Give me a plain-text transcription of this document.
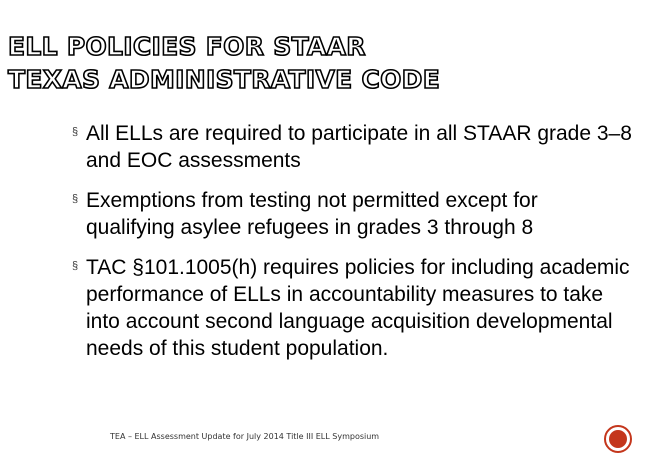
ELL POLICIES FOR STAAR
TEXAS ADMINISTRATIVE CODE
§ All ELLs are required to participate in all STAAR grade 3–8 and EOC assessments
§ Exemptions from testing not permitted except for qualifying asylee refugees in grades 3 through 8
§ TAC §101.1005(h) requires policies for including academic performance of ELLs in accountability measures to take into account second language acquisition developmental needs of this student population.
TEA – ELL Assessment Update for July 2014 Title III ELL Symposium
